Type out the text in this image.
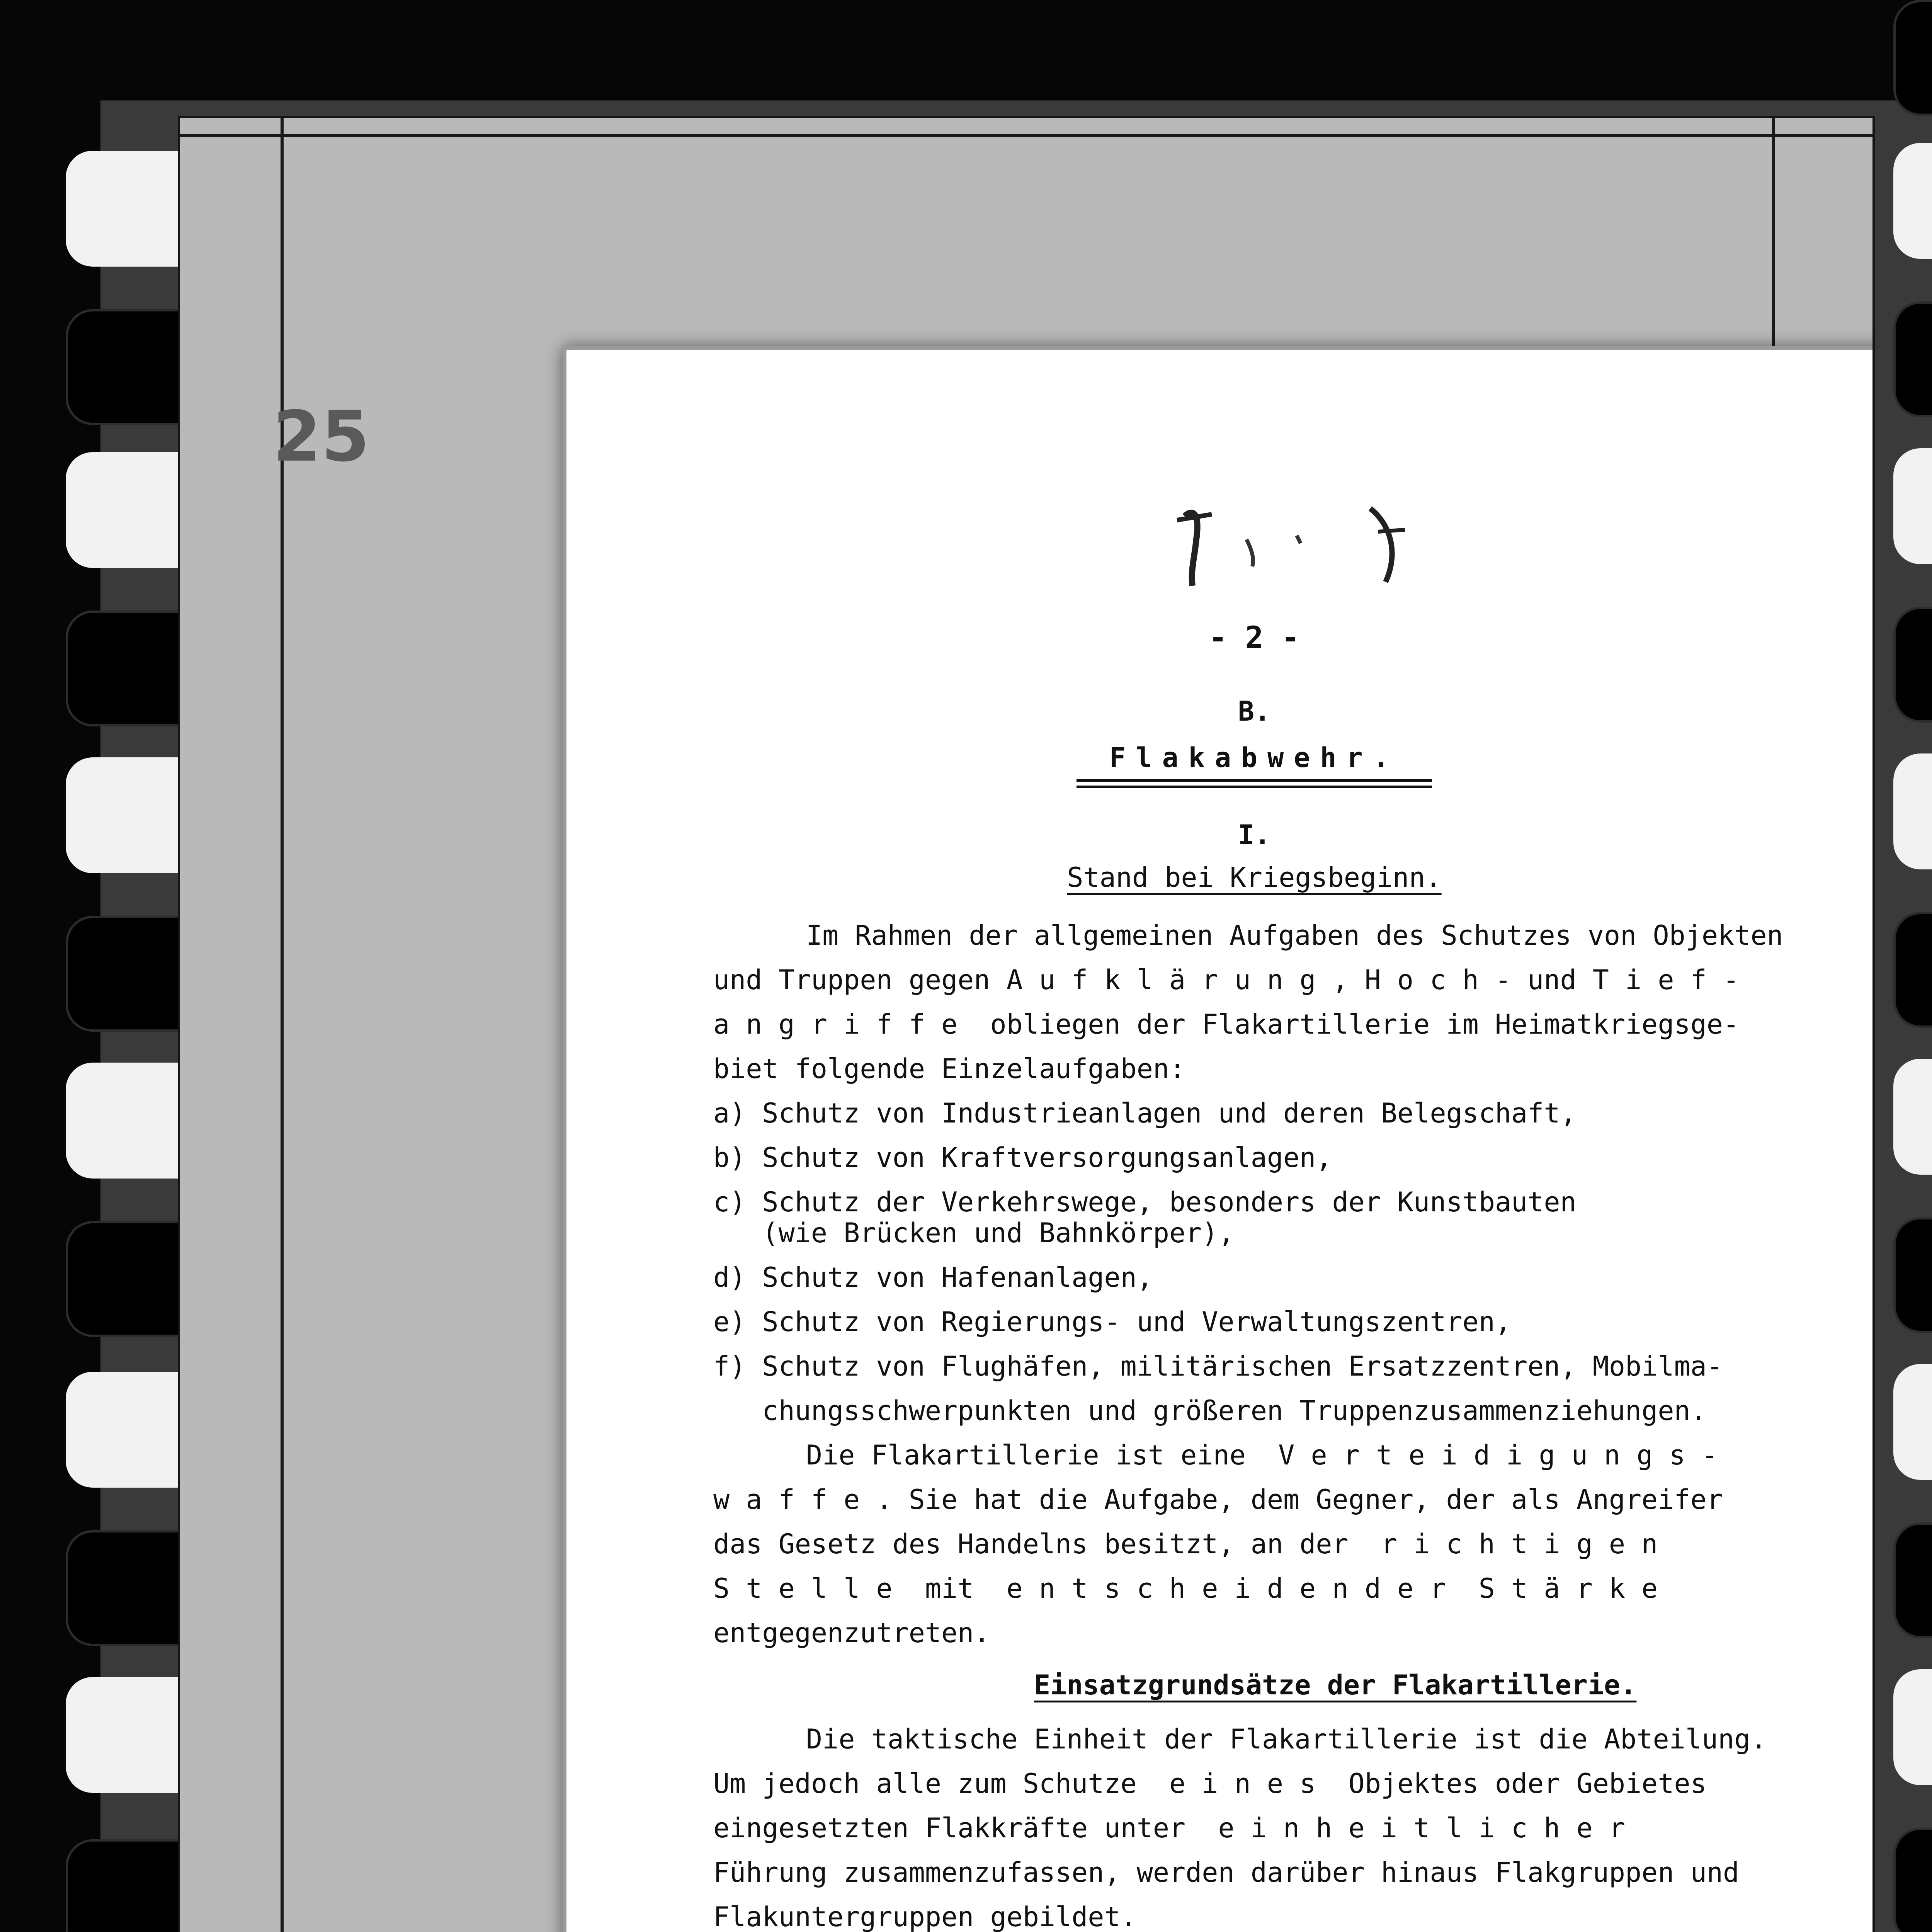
25
- 2 -
B.
Flakabwehr.
I.
Stand bei Kriegsbeginn.
Im Rahmen der allgemeinen Aufgaben des Schutzes von Objekten
und Truppen gegen A u f k l ä r u n g , H o c h - und T i e f -
a n g r i f f e  obliegen der Flakartillerie im Heimatkriegsge-
biet folgende Einzelaufgaben:
a) Schutz von Industrieanlagen und deren Belegschaft,
b) Schutz von Kraftversorgungsanlagen,
c) Schutz der Verkehrswege, besonders der Kunstbauten
(wie Brücken und Bahnkörper),
d) Schutz von Hafenanlagen,
e) Schutz von Regierungs- und Verwaltungszentren,
f) Schutz von Flughäfen, militärischen Ersatzzentren, Mobilma-
chungsschwerpunkten und größeren Truppenzusammenziehungen.
Die Flakartillerie ist eine  V e r t e i d i g u n g s -
w a f f e . Sie hat die Aufgabe, dem Gegner, der als Angreifer
das Gesetz des Handelns besitzt, an der  r i c h t i g e n
S t e l l e  mit  e n t s c h e i d e n d e r  S t ä r k e
entgegenzutreten.
Einsatzgrundsätze der Flakartillerie.
Die taktische Einheit der Flakartillerie ist die Abteilung.
Um jedoch alle zum Schutze  e i n e s  Objektes oder Gebietes
eingesetzten Flakkräfte unter  e i n h e i t l i c h e r
Führung zusammenzufassen, werden darüber hinaus Flakgruppen und
Flakuntergruppen gebildet.
